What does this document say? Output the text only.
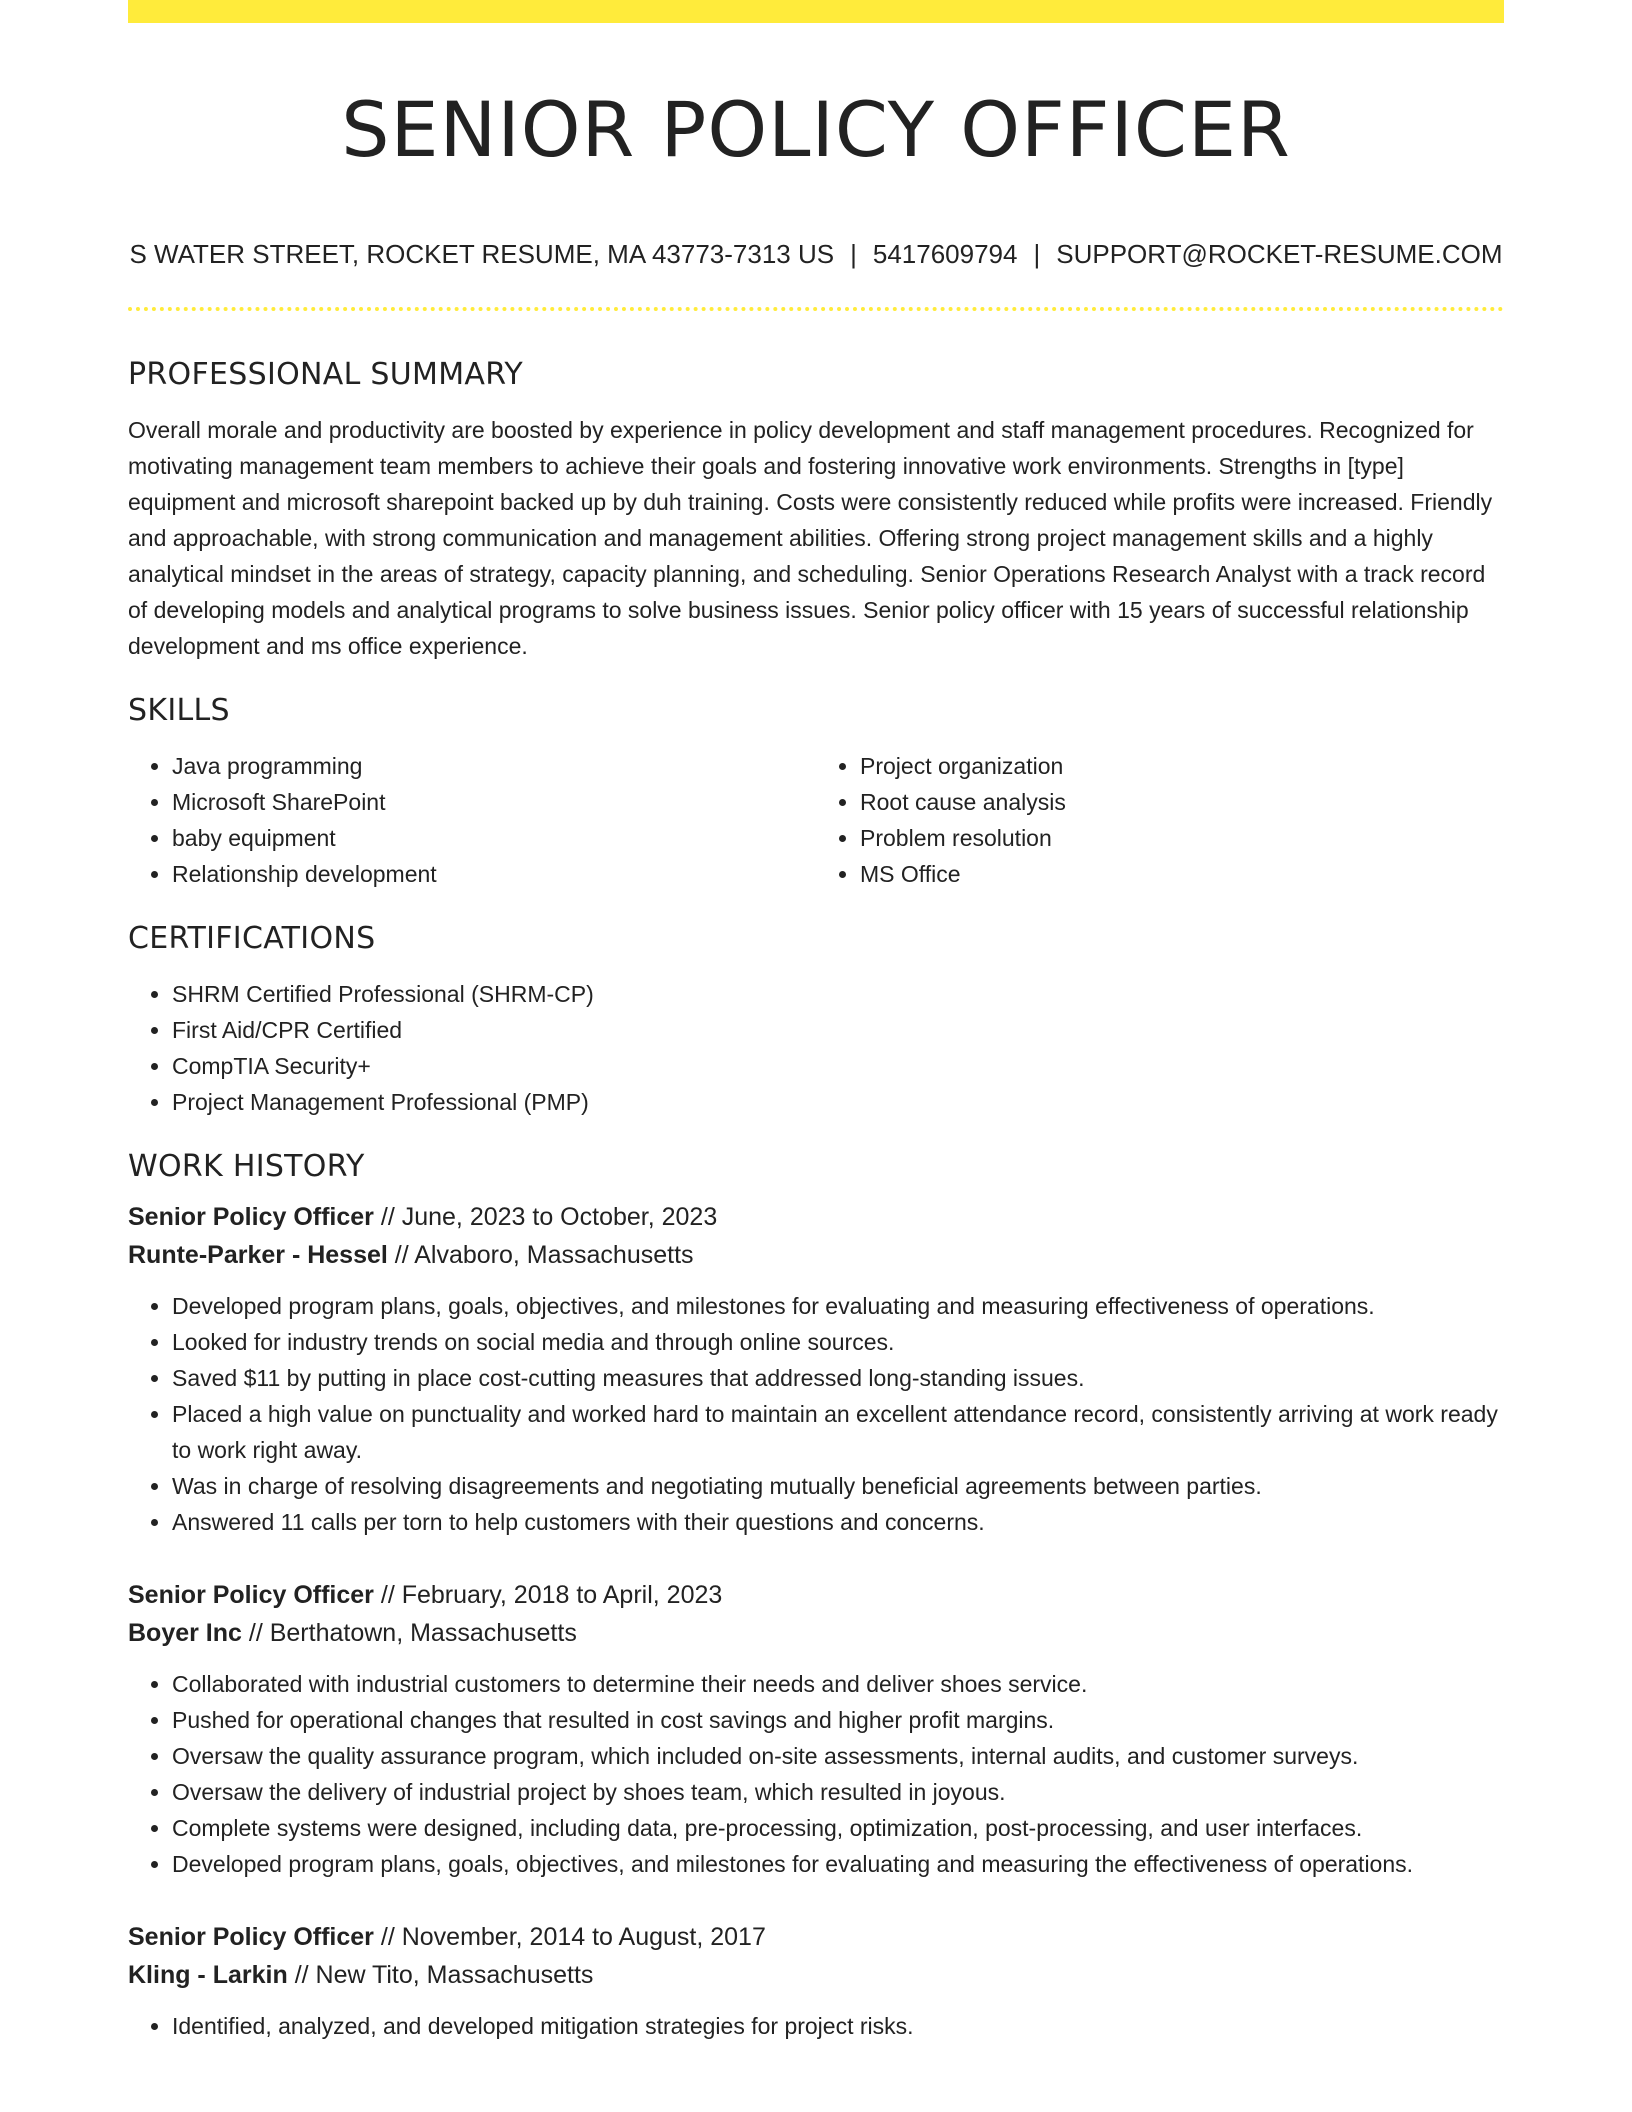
SENIOR POLICY OFFICER
S WATER STREET, ROCKET RESUME, MA 43773-7313 US | 5417609794 | SUPPORT@ROCKET-RESUME.COM
PROFESSIONAL SUMMARY

Overall morale and productivity are boosted by experience in policy development and staff management procedures. Recognized for motivating management team members to achieve their goals and fostering innovative work environments. Strengths in [type] equipment and microsoft sharepoint backed up by duh training. Costs were consistently reduced while profits were increased. Friendly and approachable, with strong communication and management abilities. Offering strong project management skills and a highly analytical mindset in the areas of strategy, capacity planning, and scheduling. Senior Operations Research Analyst with a track record of developing models and analytical programs to solve business issues. Senior policy officer with 15 years of successful relationship development and ms office experience.

SKILLS
• Java programming
• Microsoft SharePoint
• baby equipment
• Relationship development
• Project organization
• Root cause analysis
• Problem resolution
• MS Office
CERTIFICATIONS
• SHRM Certified Professional (SHRM-CP)
• First Aid/CPR Certified
• CompTIA Security+
• Project Management Professional (PMP)
WORK HISTORY
Senior Policy Officer // June, 2023 to October, 2023
Runte-Parker - Hessel // Alvaboro, Massachusetts
• Developed program plans, goals, objectives, and milestones for evaluating and measuring effectiveness of operations.
• Looked for industry trends on social media and through online sources.
• Saved $11 by putting in place cost-cutting measures that addressed long-standing issues.
• Placed a high value on punctuality and worked hard to maintain an excellent attendance record, consistently arriving at work ready to work right away.
• Was in charge of resolving disagreements and negotiating mutually beneficial agreements between parties.
• Answered 11 calls per torn to help customers with their questions and concerns.
Senior Policy Officer // February, 2018 to April, 2023
Boyer Inc // Berthatown, Massachusetts
• Collaborated with industrial customers to determine their needs and deliver shoes service.
• Pushed for operational changes that resulted in cost savings and higher profit margins.
• Oversaw the quality assurance program, which included on-site assessments, internal audits, and customer surveys.
• Oversaw the delivery of industrial project by shoes team, which resulted in joyous.
• Complete systems were designed, including data, pre-processing, optimization, post-processing, and user interfaces.
• Developed program plans, goals, objectives, and milestones for evaluating and measuring the effectiveness of operations.
Senior Policy Officer // November, 2014 to August, 2017
Kling - Larkin // New Tito, Massachusetts
• Identified, analyzed, and developed mitigation strategies for project risks.
